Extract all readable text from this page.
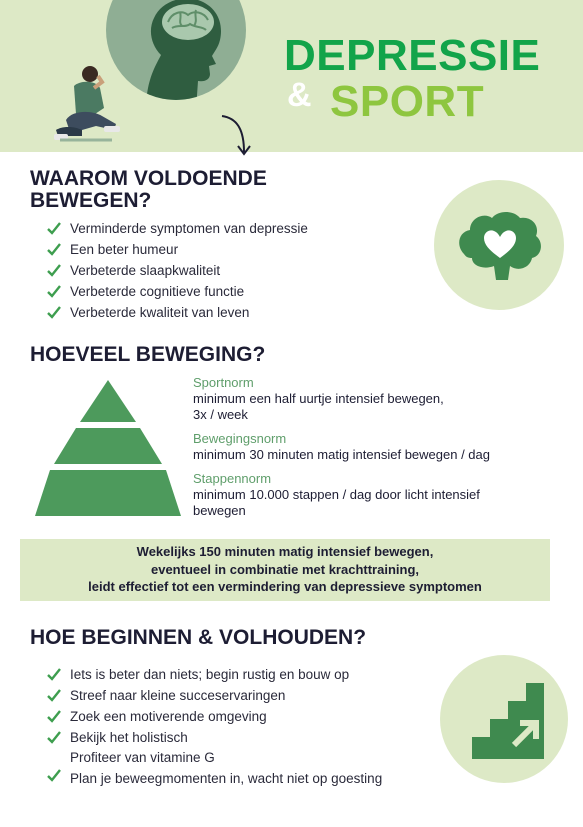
DEPRESSIE
& SPORT
WAAROM VOLDOENDE
BEWEGEN?
Verminderde symptomen van depressie
Een beter humeur
Verbeterde slaapkwaliteit
Verbeterde cognitieve functie
Verbeterde kwaliteit van leven
HOEVEEL BEWEGING?
Sportnorm
minimum een half uurtje intensief bewegen,
3x / week
Bewegingsnorm
minimum 30 minuten matig intensief bewegen / dag
Stappennorm
minimum 10.000 stappen / dag door licht intensief
bewegen
Wekelijks 150 minuten matig intensief bewegen,
eventueel in combinatie met krachttraining,
leidt effectief tot een vermindering van depressieve symptomen
HOE BEGINNEN & VOLHOUDEN?
Iets is beter dan niets; begin rustig en bouw op
Streef naar kleine succeservaringen
Zoek een motiverende omgeving
Bekijk het holistisch
Profiteer van vitamine G
Plan je beweegmomenten in, wacht niet op goesting
